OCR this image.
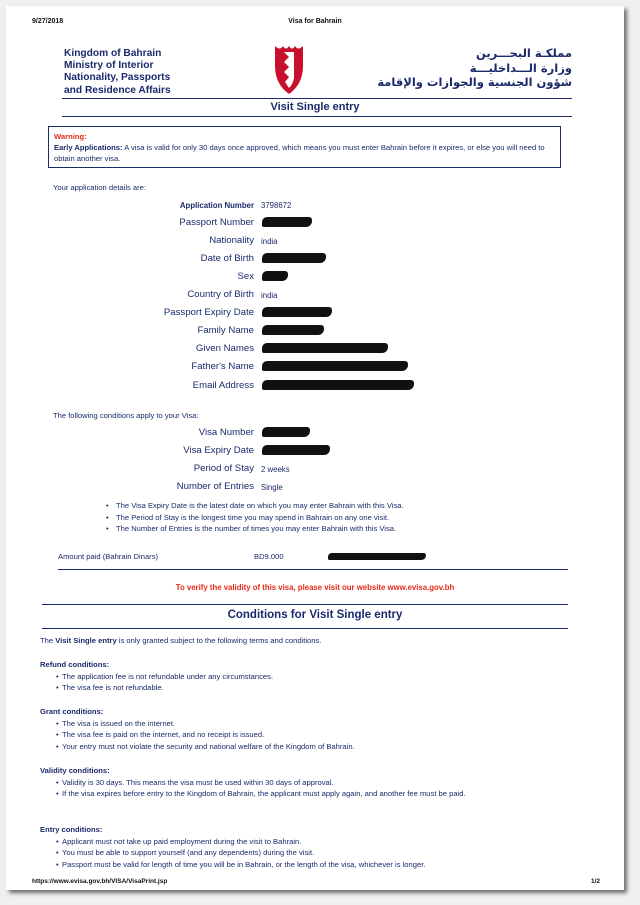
9/27/2018	Visa for Bahrain
Kingdom of Bahrain
Ministry of Interior
Nationality, Passports
and Residence Affairs
مملكـة البحـــرين
وزارة الـــداخليـــة
شؤون الجنسية والجوازات والإقامة
Visit Single entry
Warning:
Early Applications: A visa is valid for only 30 days once approved, which means you must enter Bahrain before it expires, or else you will need to obtain another visa.
Your application details are:
Application Number 3798672
Passport Number
Nationality india
Date of Birth
Sex
Country of Birth india
Passport Expiry Date
Family Name
Given Names
Father's Name
Email Address
The following conditions apply to your Visa:
Visa Number
Visa Expiry Date
Period of Stay 2 weeks
Number of Entries Single
• The Visa Expiry Date is the latest date on which you may enter Bahrain with this Visa.
• The Period of Stay is the longest time you may spend in Bahrain on any one visit.
• The Number of Entries is the number of times you may enter Bahrain with this Visa.
Amount paid (Bahrain Dinars)	BD9.000
To verify the validity of this visa, please visit our website www.evisa.gov.bh
Conditions for Visit Single entry
The Visit Single entry is only granted subject to the following terms and conditions.
Refund conditions:
• The application fee is not refundable under any circumstances.
• The visa fee is not refundable.
Grant conditions:
• The visa is issued on the internet.
• The visa fee is paid on the internet, and no receipt is issued.
• Your entry must not violate the security and national welfare of the Kingdom of Bahrain.
Validity conditions:
• Validity is 30 days. This means the visa must be used within 30 days of approval.
• If the visa expires before entry to the Kingdom of Bahrain, the applicant must apply again, and another fee must be paid.
Entry conditions:
• Applicant must not take up paid employment during the visit to Bahrain.
• You must be able to support yourself (and any dependents) during the visit.
• Passport must be valid for length of time you will be in Bahrain, or the length of the visa, whichever is longer.
https://www.evisa.gov.bh/VISA/VisaPrint.jsp	1/2
